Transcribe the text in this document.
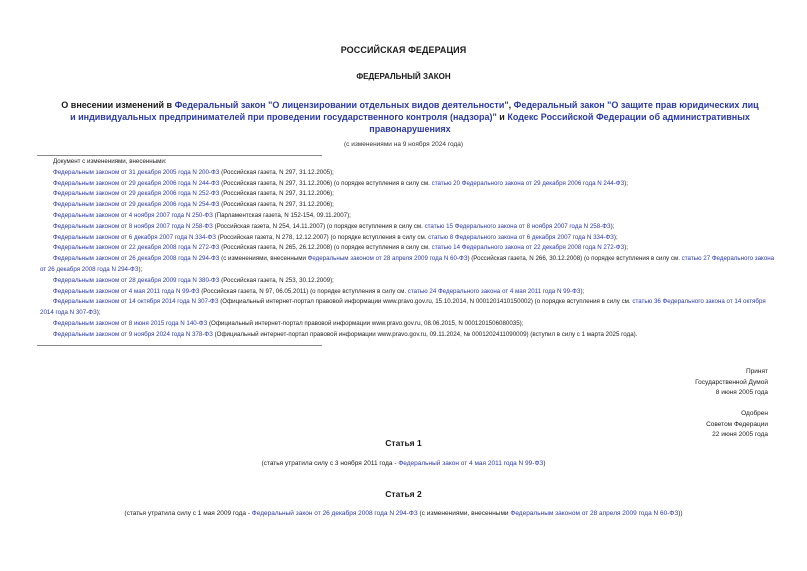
РОССИЙСКАЯ ФЕДЕРАЦИЯ
ФЕДЕРАЛЬНЫЙ ЗАКОН
О внесении изменений в Федеральный закон "О лицензировании отдельных видов деятельности", Федеральный закон "О защите прав юридических лиц и индивидуальных предпринимателей при проведении государственного контроля (надзора)" и Кодекс Российской Федерации об административных правонарушениях
(с изменениями на 9 ноября 2024 года)
Документ с изменениями, внесенными:
Федеральным законом от 31 декабря 2005 года N 200-ФЗ (Российская газета, N 297, 31.12.2005);
Федеральным законом от 29 декабря 2006 года N 244-ФЗ (Российская газета, N 297, 31.12.2006) (о порядке вступления в силу см. статью 20 Федерального закона от 29 декабря 2006 года N 244-ФЗ);
Федеральным законом от 29 декабря 2006 года N 252-ФЗ (Российская газета, N 297, 31.12.2006);
Федеральным законом от 29 декабря 2006 года N 254-ФЗ (Российская газета, N 297, 31.12.2006);
Федеральным законом от 4 ноября 2007 года N 250-ФЗ (Парламентская газета, N 152-154, 09.11.2007);
Федеральным законом от 8 ноября 2007 года N 258-ФЗ (Российская газета, N 254, 14.11.2007) (о порядке вступления в силу см. статью 15 Федерального закона от 8 ноября 2007 года N 258-ФЗ);
Федеральным законом от 6 декабря 2007 года N 334-ФЗ (Российская газета, N 278, 12.12.2007) (о порядке вступления в силу см. статью 8 Федерального закона от 6 декабря 2007 года N 334-ФЗ);
Федеральным законом от 22 декабря 2008 года N 272-ФЗ (Российская газета, N 265, 26.12.2008) (о порядке вступления в силу см. статью 14 Федерального закона от 22 декабря 2008 года N 272-ФЗ);
Федеральным законом от 26 декабря 2008 года N 294-ФЗ (с изменениями, внесенными Федеральным законом от 28 апреля 2009 года N 60-ФЗ) (Российская газета, N 266, 30.12.2008) (о порядке вступления в силу см. статью 27 Федерального закона от 26 декабря 2008 года N 294-ФЗ);
Федеральным законом от 28 декабря 2009 года N 380-ФЗ (Российская газета, N 253, 30.12.2009);
Федеральным законом от 4 мая 2011 года N 99-ФЗ (Российская газета, N 97, 06.05.2011) (о порядке вступления в силу см. статью 24 Федерального закона от 4 мая 2011 года N 99-ФЗ);
Федеральным законом от 14 октября 2014 года N 307-ФЗ (Официальный интернет-портал правовой информации www.pravo.gov.ru, 15.10.2014, N 0001201410150002) (о порядке вступления в силу см. статью 36 Федерального закона от 14 октября 2014 года N 307-ФЗ);
Федеральным законом от 8 июня 2015 года N 140-ФЗ (Официальный интернет-портал правовой информации www.pravo.gov.ru, 08.06.2015, N 0001201506080035);
Федеральным законом от 9 ноября 2024 года N 378-ФЗ (Официальный интернет-портал правовой информации www.pravo.gov.ru, 09.11.2024, № 0001202411090009) (вступил в силу с 1 марта 2025 года).
Принят
Государственной Думой
8 июня 2005 года
Одобрен
Советом Федерации
22 июня 2005 года
Статья 1
(статья утратила силу с 3 ноября 2011 года - Федеральный закон от 4 мая 2011 года N 99-ФЗ)
Статья 2
(статья утратила силу с 1 мая 2009 года - Федеральный закон от 26 декабря 2008 года N 294-ФЗ (с изменениями, внесенными Федеральным законом от 28 апреля 2009 года N 60-ФЗ))
